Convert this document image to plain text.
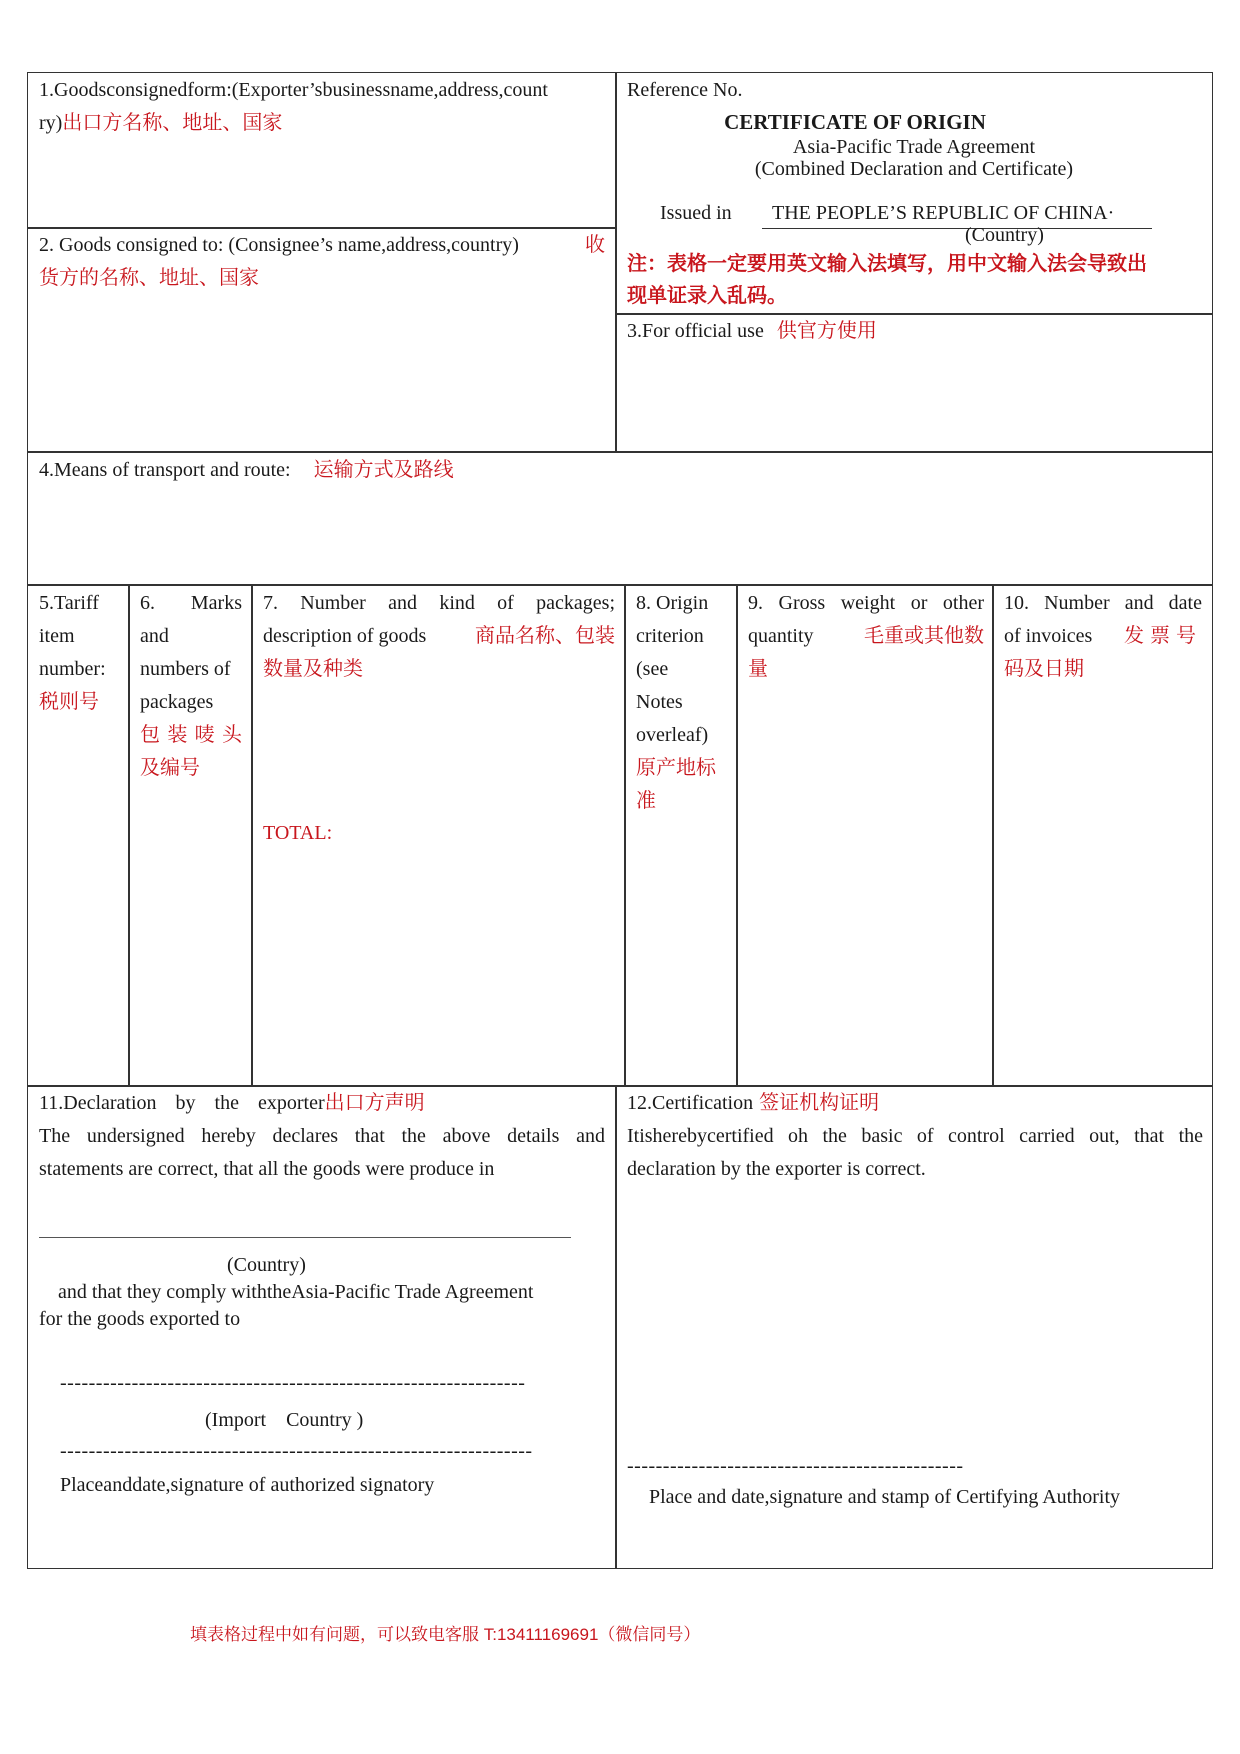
1.Goodsconsignedform:(Exporter’sbusinessname,address,count
ry)出口方名称、地址、国家
2. Goods consigned to: (Consignee’s name,address,country)	收
货方的名称、地址、国家
Reference No.
CERTIFICATE OF ORIGIN
Asia-Pacific Trade Agreement
(Combined Declaration and Certificate)
Issued in	THE PEOPLE’S REPUBLIC OF CHINA·
(Country)
注：表格一定要用英文输入法填写，用中文输入法会导致出
现单证录入乱码。
3.For official use 供官方使用
4.Means of transport and route: 运输方式及路线
5.Tariff
item
number:
税则号
6. Marks
and
numbers of
packages
包装唛头
及编号
7. Number and kind of packages;
description of goods 商品名称、包装
数量及种类
TOTAL:
8. Origin
criterion
(see
Notes
overleaf)
原产地标
准
9. Gross weight or other
quantity	毛重或其他数
量
10. Number and date
of invoices 发票号
码及日期
11.Declaration by the exporter出口方声明
The undersigned hereby declares that the above details and
statements are correct, that all the goods were produce in
(Country)
and that they comply withtheAsia-Pacific Trade Agreement
for the goods exported to
-----------------------------------------------------------------
(Import    Country )
------------------------------------------------------------------
Placeanddate,signature of authorized signatory
12.Certification 签证机构证明
Itisherebycertified oh the basic of control carried out, that the
declaration by the exporter is correct.
-----------------------------------------------
Place and date,signature and stamp of Certifying Authority
填表格过程中如有问题，可以致电客服 T:13411169691（微信同号）
